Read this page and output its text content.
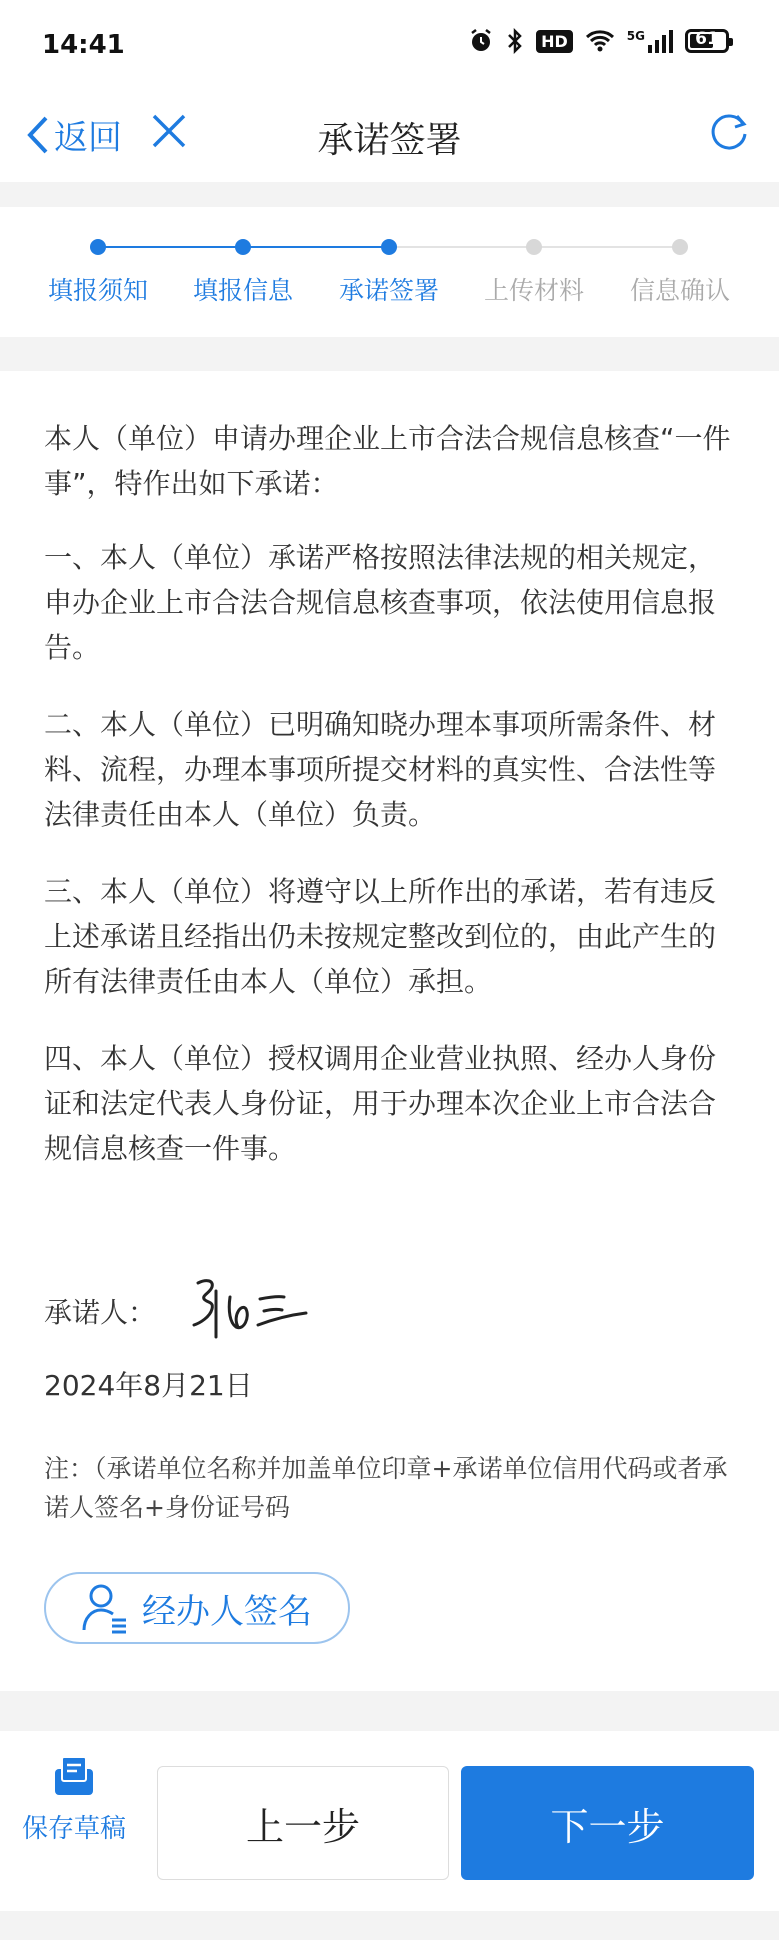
14:41	HD	5G	61
返回	承诺签署
填报须知	填报信息	承诺签署	上传材料	信息确认

本人（单位）申请办理企业上市合法合规信息核查“一件事”，特作出如下承诺：

一、本人（单位）承诺严格按照法律法规的相关规定，申办企业上市合法合规信息核查事项，依法使用信息报告。

二、本人（单位）已明确知晓办理本事项所需条件、材料、流程，办理本事项所提交材料的真实性、合法性等法律责任由本人（单位）负责。

三、本人（单位）将遵守以上所作出的承诺，若有违反上述承诺且经指出仍未按规定整改到位的，由此产生的所有法律责任由本人（单位）承担。

四、本人（单位）授权调用企业营业执照、经办人身份证和法定代表人身份证，用于办理本次企业上市合法合规信息核查一件事。

承诺人：
2024年8月21日
注：（承诺单位名称并加盖单位印章+承诺单位信用代码或者承诺人签名+身份证号码
经办人签名
保存草稿	上一步	下一步
